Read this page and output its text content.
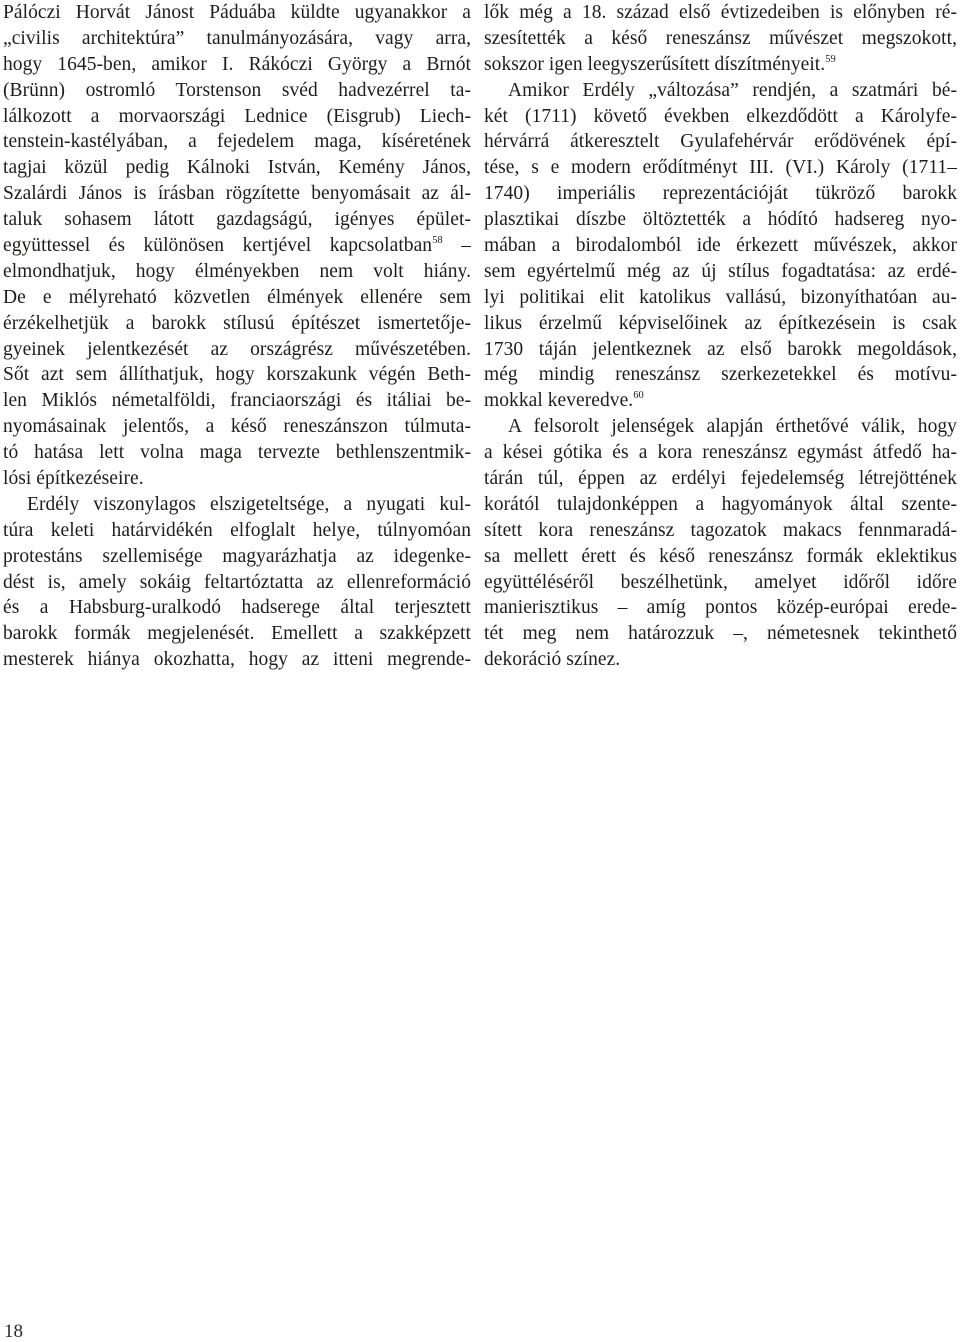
Pálóczi Horvát Jánost Páduába küldte ugyanakkor a
„civilis architektúra” tanulmányozására, vagy arra,
hogy 1645-ben, amikor I. Rákóczi György a Brnót
(Brünn) ostromló Torstenson svéd hadvezérrel ta-
lálkozott a morvaországi Lednice (Eisgrub) Liech-
tenstein-kastélyában, a fejedelem maga, kíséretének
tagjai közül pedig Kálnoki István, Kemény János,
Szalárdi János is írásban rögzítette benyomásait az ál-
taluk sohasem látott gazdagságú, igényes épület-
együttessel és különösen kertjével kapcsolatban$^{58}$ –
elmondhatjuk, hogy élményekben nem volt hiány.
De e mélyreható közvetlen élmények ellenére sem
érzékelhetjük a barokk stílusú építészet ismertetője-
gyeinek jelentkezését az országrész művészetében.
Sőt azt sem állíthatjuk, hogy korszakunk végén Beth-
len Miklós németalföldi, franciaországi és itáliai be-
nyomásainak jelentős, a késő reneszánszon túlmuta-
tó hatása lett volna maga tervezte bethlenszentmik-
lósi építkezéseire.
Erdély viszonylagos elszigeteltsége, a nyugati kul-
túra keleti határvidékén elfoglalt helye, túlnyomóan
protestáns szellemisége magyarázhatja az idegenke-
dést is, amely sokáig feltartóztatta az ellenreformáció
és a Habsburg-uralkodó hadserege által terjesztett
barokk formák megjelenését. Emellett a szakképzett
mesterek hiánya okozhatta, hogy az itteni megrende-
lők még a 18. század első évtizedeiben is előnyben ré-
szesítették a késő reneszánsz művészet megszokott,
sokszor igen leegyszerűsített díszítményeit.$^{59}$
Amikor Erdély „változása” rendjén, a szatmári bé-
két (1711) követő években elkezdődött a Károlyfe-
hérvárrá átkeresztelt Gyulafehérvár erődövének épí-
tése, s e modern erődítményt III. (VI.) Károly (1711–
1740) imperiális reprezentációját tükröző barokk
plasztikai díszbe öltöztették a hódító hadsereg nyo-
mában a birodalomból ide érkezett művészek, akkor
sem egyértelmű még az új stílus fogadtatása: az erdé-
lyi politikai elit katolikus vallású, bizonyíthatóan au-
likus érzelmű képviselőinek az építkezésein is csak
1730 táján jelentkeznek az első barokk megoldások,
még mindig reneszánsz szerkezetekkel és motívu-
mokkal keveredve.$^{60}$
A felsorolt jelenségek alapján érthetővé válik, hogy
a kései gótika és a kora reneszánsz egymást átfedő ha-
tárán túl, éppen az erdélyi fejedelemség létrejöttének
korától tulajdonképpen a hagyományok által szente-
sített kora reneszánsz tagozatok makacs fennmaradá-
sa mellett érett és késő reneszánsz formák eklektikus
együttéléséről beszélhetünk, amelyet időről időre
manierisztikus – amíg pontos közép-európai erede-
tét meg nem határozzuk –, németesnek tekinthető
dekoráció színez.
18
